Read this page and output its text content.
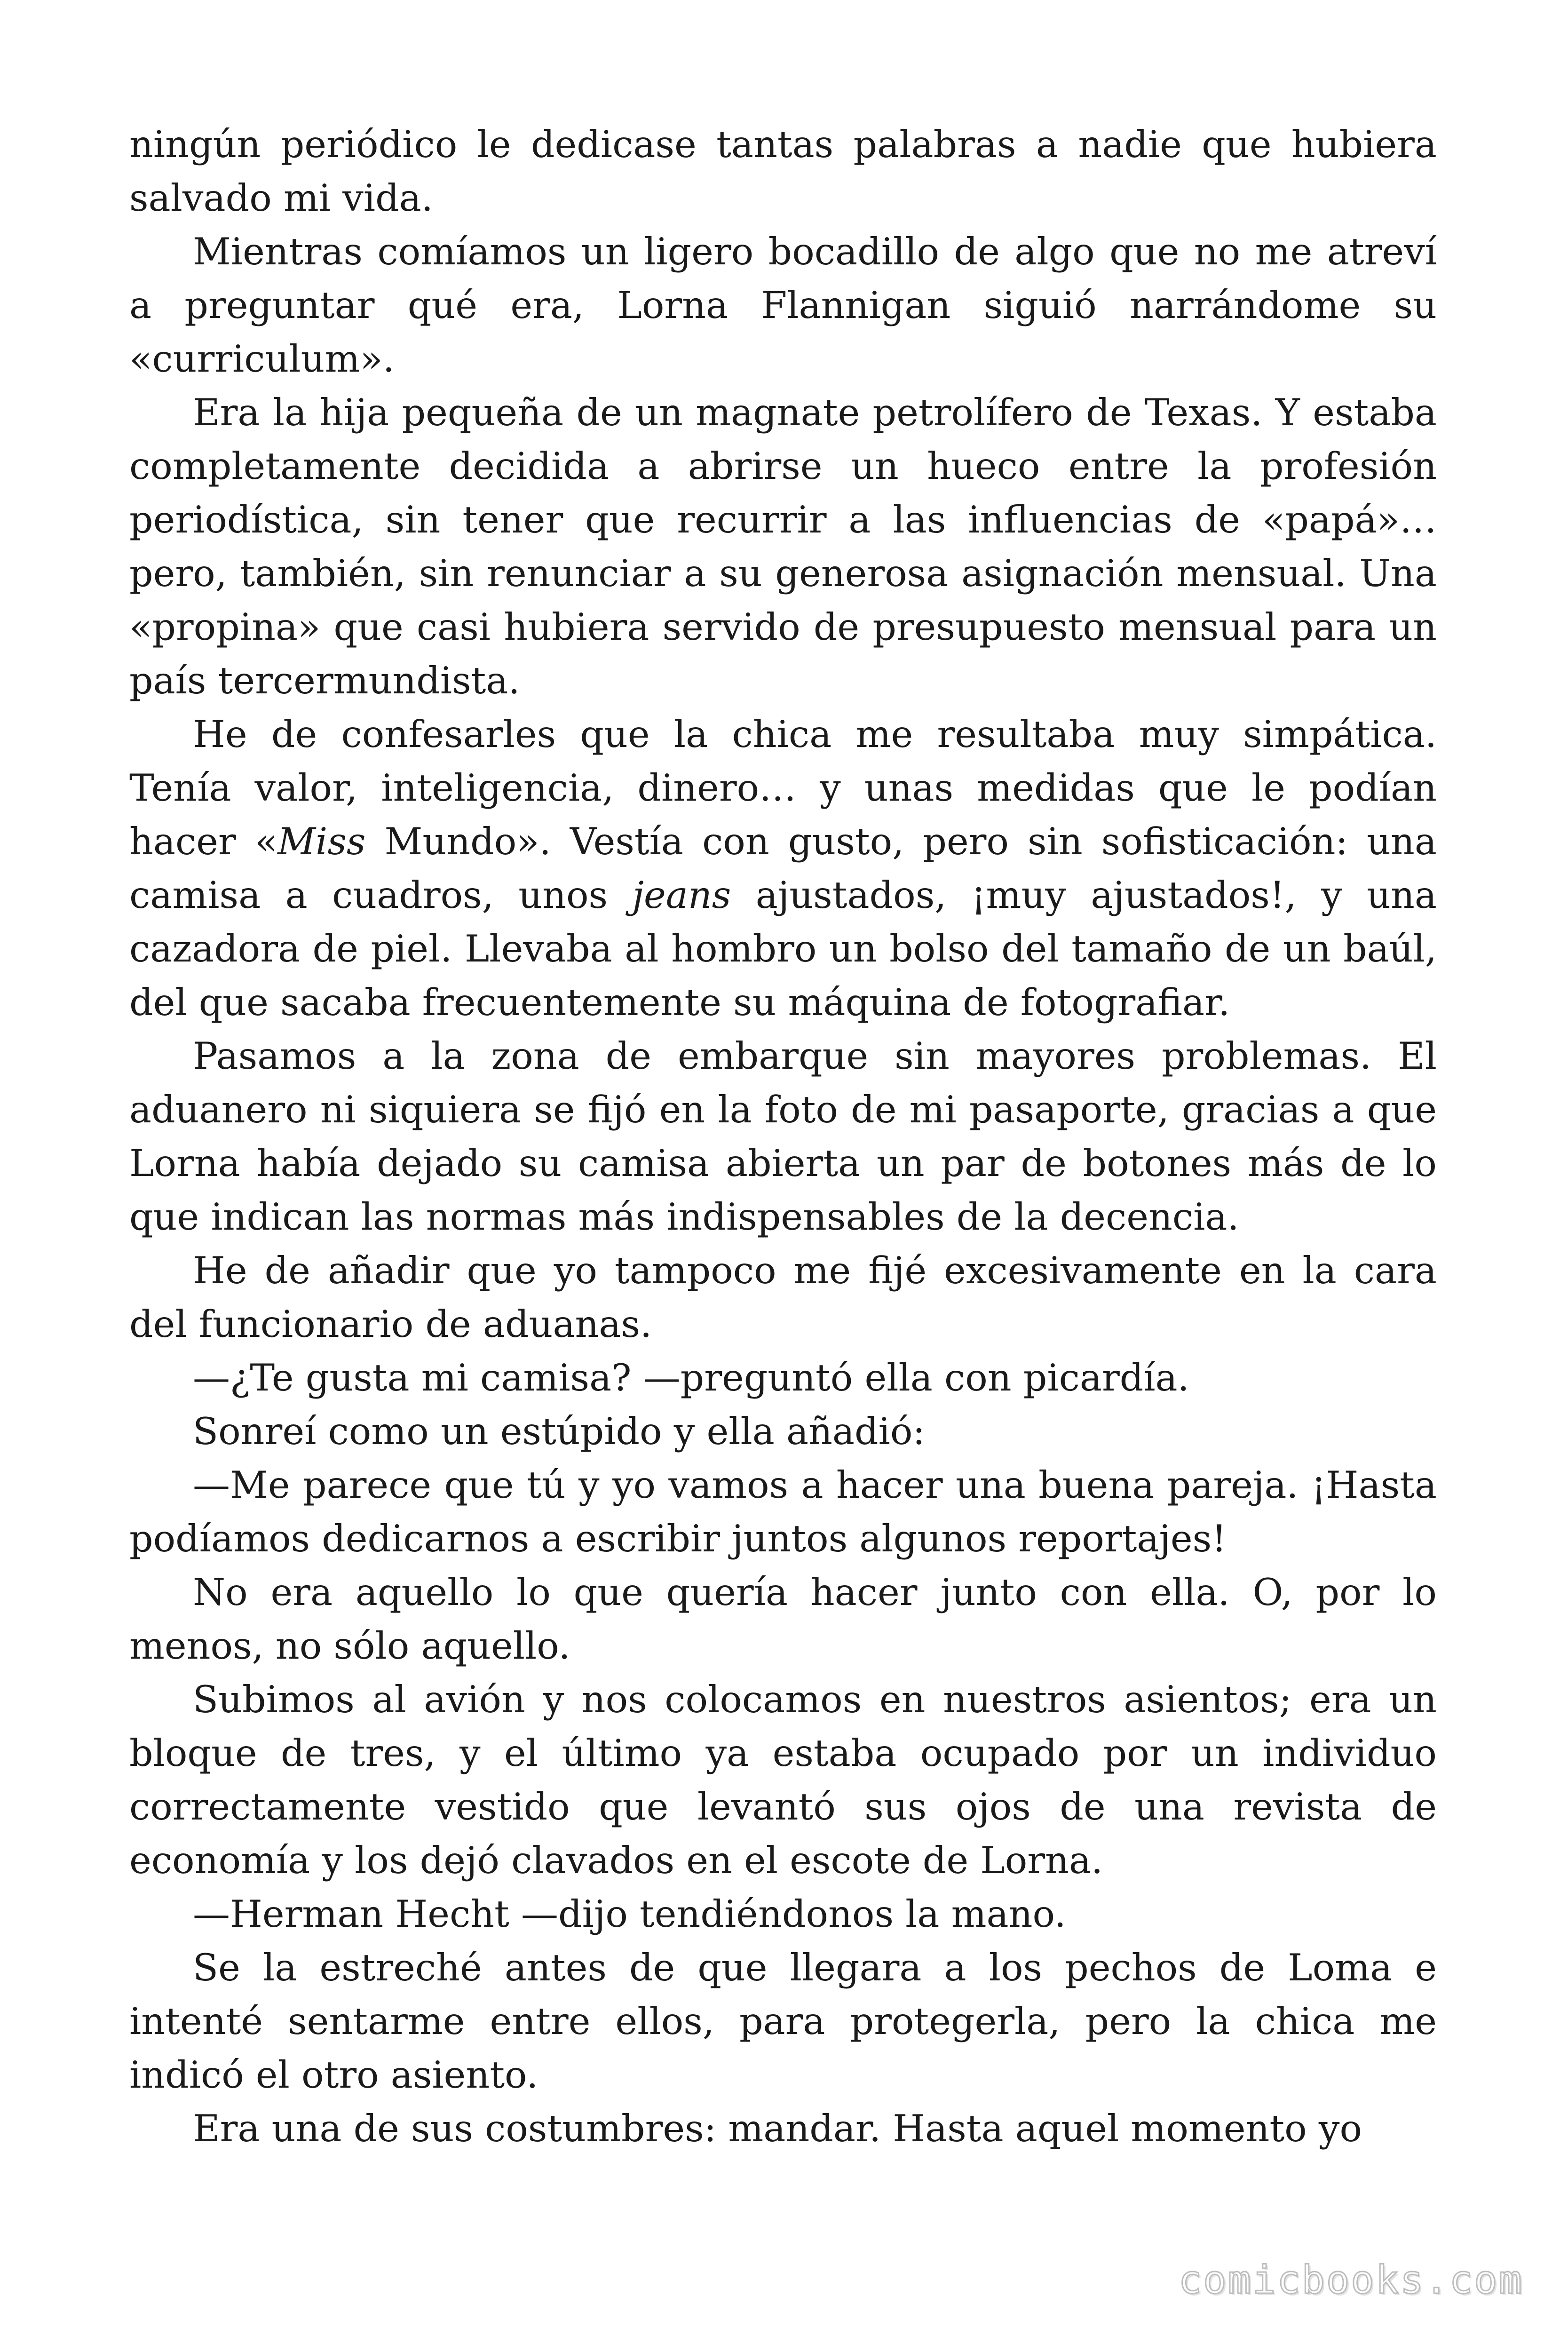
ningún periódico le dedicase tantas palabras a nadie que hubiera salvado mi vida.

Mientras comíamos un ligero bocadillo de algo que no me atreví a preguntar qué era, Lorna Flannigan siguió narrándome su «curriculum».

Era la hija pequeña de un magnate petrolífero de Texas. Y estaba completamente decidida a abrirse un hueco entre la profesión periodística, sin tener que recurrir a las influencias de «papá»… pero, también, sin renunciar a su generosa asignación mensual. Una «propina» que casi hubiera servido de presupuesto mensual para un país tercermundista.

He de confesarles que la chica me resultaba muy simpática. Tenía valor, inteligencia, dinero… y unas medidas que le podían hacer «Miss Mundo». Vestía con gusto, pero sin sofisticación: una camisa a cuadros, unos jeans ajustados, ¡muy ajustados!, y una cazadora de piel. Llevaba al hombro un bolso del tamaño de un baúl, del que sacaba frecuentemente su máquina de fotografiar.

Pasamos a la zona de embarque sin mayores problemas. El aduanero ni siquiera se fijó en la foto de mi pasaporte, gracias a que Lorna había dejado su camisa abierta un par de botones más de lo que indican las normas más indispensables de la decencia.

He de añadir que yo tampoco me fijé excesivamente en la cara del funcionario de aduanas.

—¿Te gusta mi camisa? —preguntó ella con picardía.

Sonreí como un estúpido y ella añadió:

—Me parece que tú y yo vamos a hacer una buena pareja. ¡Hasta podíamos dedicarnos a escribir juntos algunos reportajes!

No era aquello lo que quería hacer junto con ella. O, por lo menos, no sólo aquello.

Subimos al avión y nos colocamos en nuestros asientos; era un bloque de tres, y el último ya estaba ocupado por un individuo correctamente vestido que levantó sus ojos de una revista de economía y los dejó clavados en el escote de Lorna.

—Herman Hecht —dijo tendiéndonos la mano.

Se la estreché antes de que llegara a los pechos de Loma e intenté sentarme entre ellos, para protegerla, pero la chica me indicó el otro asiento.

Era una de sus costumbres: mandar. Hasta aquel momento yo

comicbooks.com
